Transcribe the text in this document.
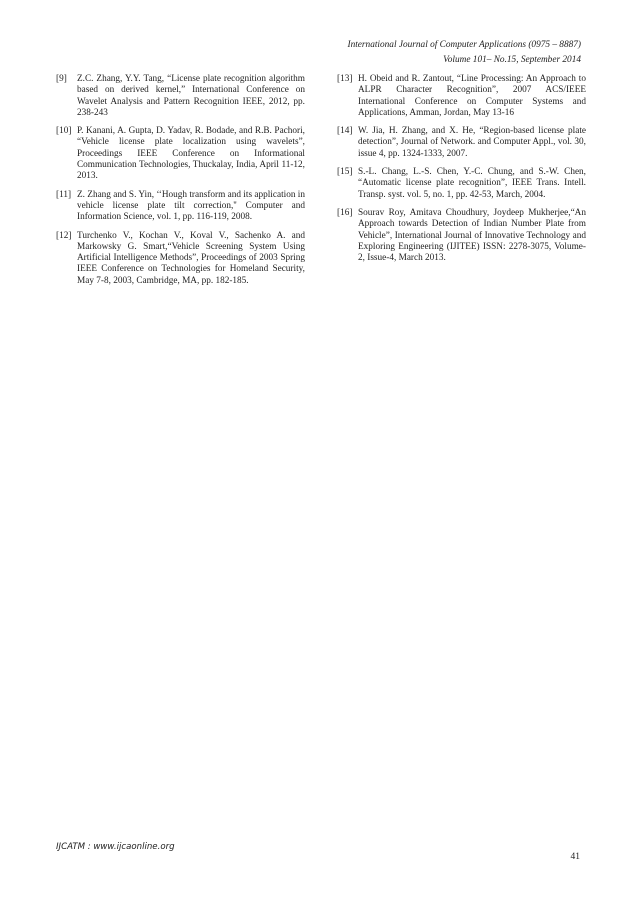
International Journal of Computer Applications (0975 – 8887)
Volume 101– No.15, September 2014
[9]	Z.C. Zhang, Y.Y. Tang, “License plate recognition algorithm based on derived kernel,” International Conference on Wavelet Analysis and Pattern Recognition IEEE, 2012, pp. 238-243
[10] P. Kanani, A. Gupta, D. Yadav, R. Bodade, and R.B. Pachori, “Vehicle license plate localization using wavelets”, Proceedings IEEE Conference on Informational Communication Technologies, Thuckalay, India, April 11-12, 2013.
[11] Z. Zhang and S. Yin, ‘‘Hough transform and its application in vehicle license plate tilt correction,'' Computer and Information Science, vol. 1, pp. 116-119, 2008.
[12] Turchenko V., Kochan V., Koval V., Sachenko A. and Markowsky G. Smart,“Vehicle Screening System Using Artificial Intelligence Methods”, Proceedings of 2003 Spring IEEE Conference on Technologies for Homeland Security, May 7-8, 2003, Cambridge, MA, pp. 182-185.
[13] H. Obeid and R. Zantout, “Line Processing: An Approach to ALPR Character Recognition”, 2007 ACS/IEEE International Conference on Computer Systems and Applications, Amman, Jordan, May 13-16
[14] W. Jia, H. Zhang, and X. He, “Region-based license plate detection”, Journal of Network. and Computer Appl., vol. 30, issue 4, pp. 1324-1333, 2007.
[15] S.-L. Chang, L.-S. Chen, Y.-C. Chung, and S.-W. Chen, “Automatic license plate recognition”, IEEE Trans. Intell. Transp. syst. vol. 5, no. 1, pp. 42-53, March, 2004.
[16] Sourav Roy, Amitava Choudhury, Joydeep Mukherjee,“An Approach towards Detection of Indian Number Plate from Vehicle”, International Journal of Innovative Technology and Exploring Engineering (IJITEE) ISSN: 2278-3075, Volume-2, Issue-4, March 2013.
IJCATM : www.ijcaonline.org
41
